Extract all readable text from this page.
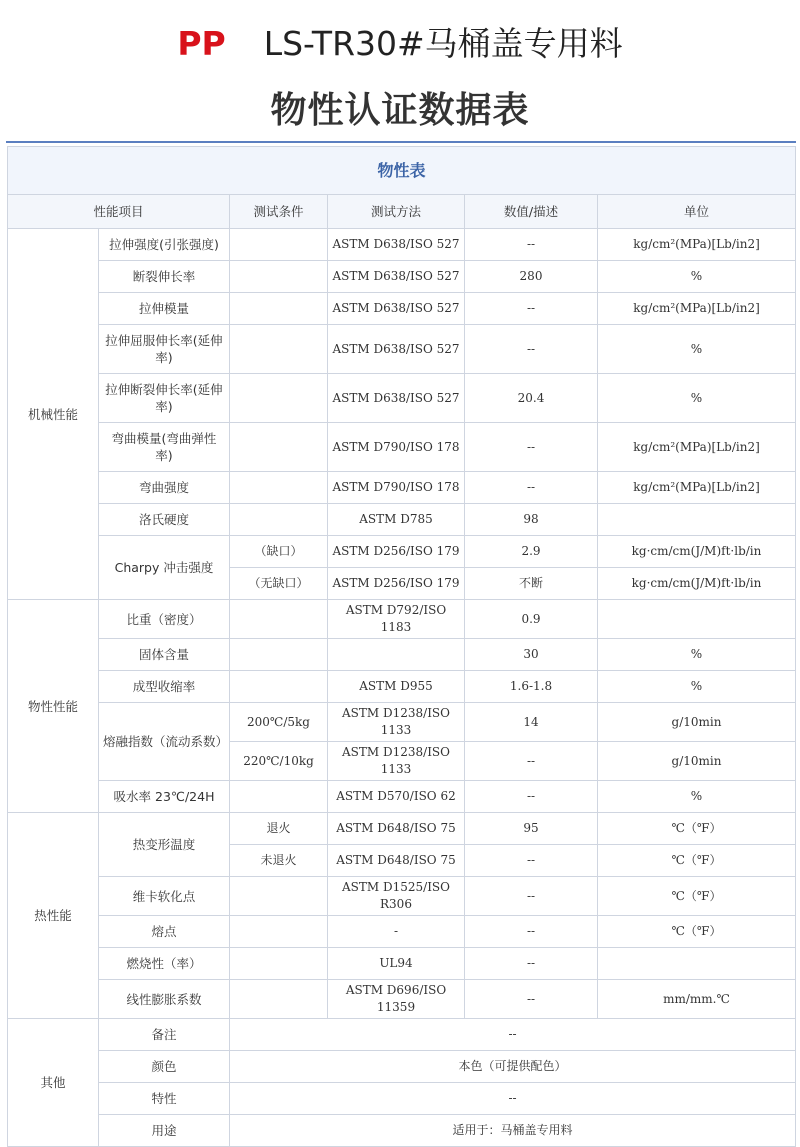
PP LS-TR30#马桶盖专用料
物性认证数据表
物性表					
性能项目		测试条件	测试方法	数值/描述	单位
机械性能	拉伸强度(引张强度)		ASTM D638/ISO 527	--	kg/cm²(MPa)[Lb/in2]
	断裂伸长率		ASTM D638/ISO 527	280	%
	拉伸模量		ASTM D638/ISO 527	--	kg/cm²(MPa)[Lb/in2]
	拉伸屈服伸长率(延伸率)		ASTM D638/ISO 527	--	%
	拉伸断裂伸长率(延伸率)		ASTM D638/ISO 527	20.4	%
	弯曲模量(弯曲弹性率)		ASTM D790/ISO 178	--	kg/cm²(MPa)[Lb/in2]
	弯曲强度		ASTM D790/ISO 178	--	kg/cm²(MPa)[Lb/in2]
	洛氏硬度		ASTM D785	98	
	Charpy 冲击强度	（缺口）	ASTM D256/ISO 179	2.9	kg·cm/cm(J/M)ft·lb/in
		（无缺口）	ASTM D256/ISO 179	不断	kg·cm/cm(J/M)ft·lb/in
物性性能	比重（密度）		ASTM D792/ISO 1183	0.9	
	固体含量			30	%
	成型收缩率		ASTM D955	1.6-1.8	%
	熔融指数（流动系数）	200℃/5kg	ASTM D1238/ISO 1133	14	g/10min
		220℃/10kg	ASTM D1238/ISO 1133	--	g/10min
	吸水率 23℃/24H		ASTM D570/ISO 62	--	%
热性能	热变形温度	退火	ASTM D648/ISO 75	95	℃（℉）
		未退火	ASTM D648/ISO 75	--	℃（℉）
	维卡软化点		ASTM D1525/ISO R306	--	℃（℉）
	熔点		-	--	℃（℉）
	燃烧性（率）		UL94	--	
	线性膨胀系数		ASTM D696/ISO 11359	--	mm/mm.℃
其他	备注	--			
	颜色	本色（可提供配色）			
	特性	--			
	用途	适用于：马桶盖专用料			
